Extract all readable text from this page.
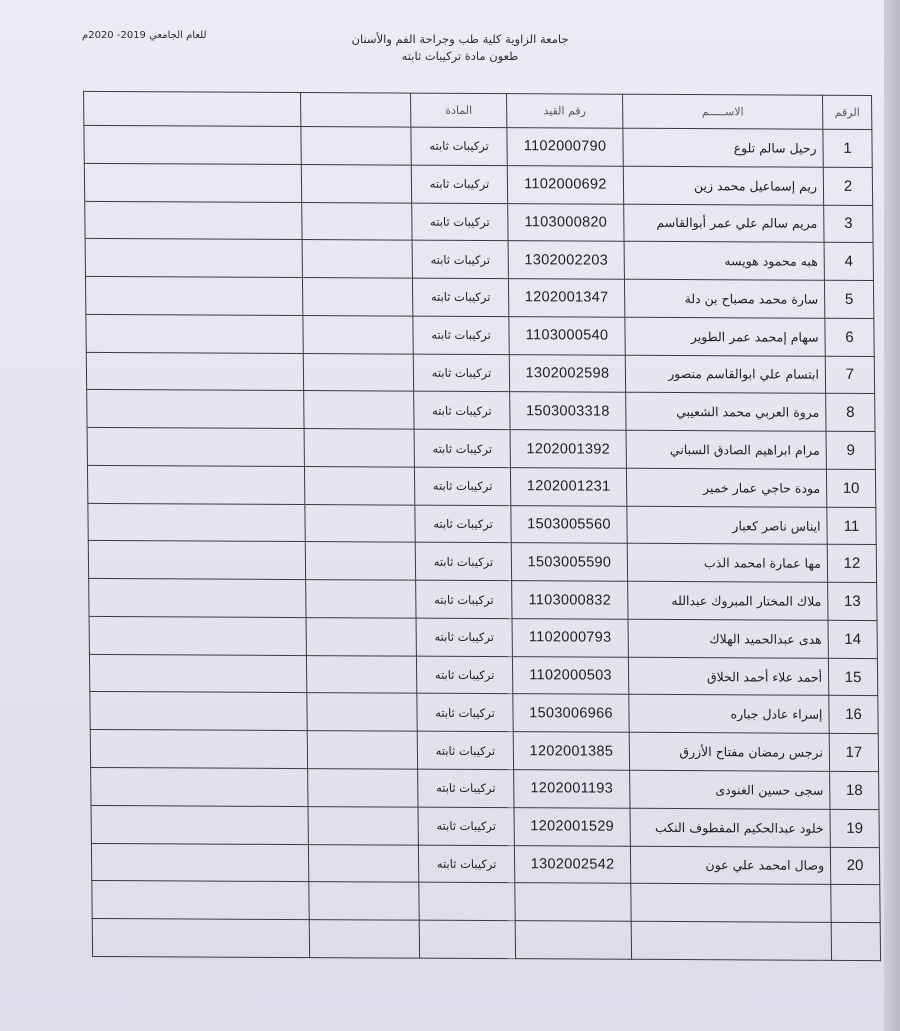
للعام الجامعي 2019- 2020م	جامعة الزاوية كلية طب وجراحة الفم والأسنان
طعون مادة تركيبات ثابته
الرقم	الاســـــم	رقم القيد	المادة		
1	رحيل سالم تلوع	1102000790	تركيبات ثابته		
2	ريم إسماعيل محمد زين	1102000692	تركيبات ثابته		
3	مريم سالم علي عمر أبوالقاسم	1103000820	تركيبات ثابته		
4	هبه محمود هويسه	1302002203	تركيبات ثابته		
5	سارة محمد مصباح بن دلة	1202001347	تركيبات ثابته		
6	سهام إمحمد عمر الطوير	1103000540	تركيبات ثابته		
7	ابتسام علي ابوالقاسم منصور	1302002598	تركيبات ثابته		
8	مروة العربي محمد الشعيبي	1503003318	تركيبات ثابته		
9	مرام ابراهيم الصادق السباني	1202001392	تركيبات ثابته		
10	مودة حاجي عمار خمير	1202001231	تركيبات ثابته		
11	ايناس ناصر كعبار	1503005560	تركيبات ثابته		
12	مها عمارة امحمد الذب	1503005590	تركيبات ثابته		
13	ملاك المختار المبروك عبدالله	1103000832	تركيبات ثابته		
14	هدى عبدالحميد الهلاك	1102000793	تركيبات ثابته		
15	أحمد علاء أحمد الحلاق	1102000503	تركيبات ثابته		
16	إسراء عادل جباره	1503006966	تركيبات ثابته		
17	نرجس رمضان مفتاح الأزرق	1202001385	تركيبات ثابته		
18	سجى حسين الغنودى	1202001193	تركيبات ثابته		
19	خلود عبدالحكيم المقطوف النكب	1202001529	تركيبات ثابته		
20	وصال امحمد علي عون	1302002542	تركيبات ثابته		
